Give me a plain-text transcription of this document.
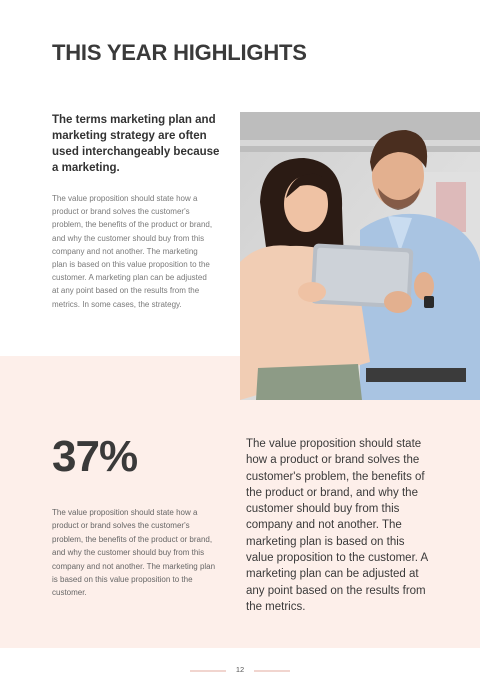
THIS YEAR HIGHLIGHTS

The terms marketing plan and marketing strategy are often used interchangeably because a marketing.

The value proposition should state how a product or brand solves the customer's problem, the benefits of the product or brand, and why the customer should buy from this company and not another. The marketing plan is based on this value proposition to the customer. A marketing plan can be adjusted at any point based on the results from the metrics. In some cases, the strategy.

37%

The value proposition should state how a product or brand solves the customer's problem, the benefits of the product or brand, and why the customer should buy from this company and not another. The marketing plan is based on this value proposition to the customer.

The value proposition should state how a product or brand solves the customer's problem, the benefits of the product or brand, and why the customer should buy from this company and not another. The marketing plan is based on this value proposition to the customer. A marketing plan can be adjusted at any point based on the results from the metrics.

12
